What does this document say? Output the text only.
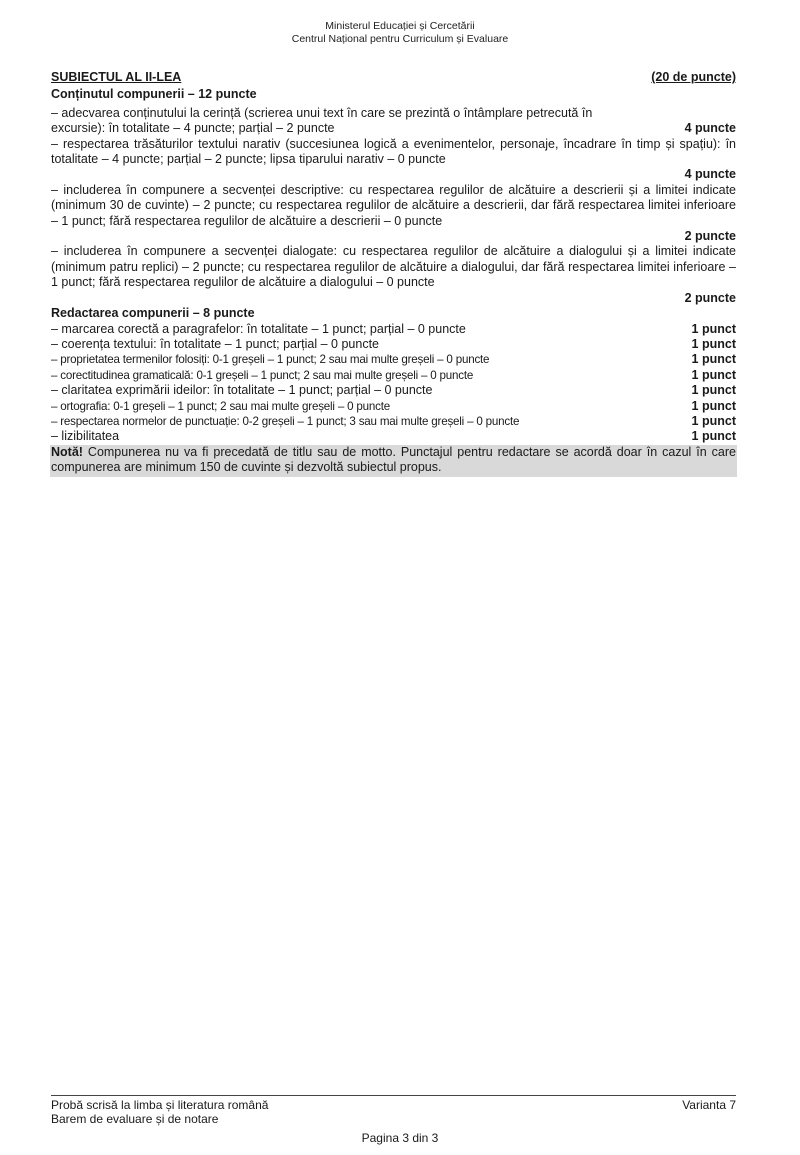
Ministerul Educației și Cercetării
Centrul Național pentru Curriculum și Evaluare
SUBIECTUL AL II-LEA	(20 de puncte)
Conținutul compunerii – 12 puncte
– adecvarea conținutului la cerință (scrierea unui text în care se prezintă o întâmplare petrecută în
excursie): în totalitate – 4 puncte; parțial – 2 puncte	4 puncte
– respectarea trăsăturilor textului narativ (succesiunea logică a evenimentelor, personaje, încadrare în timp și spațiu): în totalitate – 4 puncte; parțial – 2 puncte; lipsa tiparului narativ – 0 puncte
4 puncte
– includerea în compunere a secvenței descriptive: cu respectarea regulilor de alcătuire a descrierii și a limitei indicate (minimum 30 de cuvinte) – 2 puncte; cu respectarea regulilor de alcătuire a descrierii, dar fără respectarea limitei inferioare – 1 punct; fără respectarea regulilor de alcătuire a descrierii – 0 puncte
2 puncte
– includerea în compunere a secvenței dialogate: cu respectarea regulilor de alcătuire a dialogului și a limitei indicate (minimum patru replici) – 2 puncte; cu respectarea regulilor de alcătuire a dialogului, dar fără respectarea limitei inferioare – 1 punct; fără respectarea regulilor de alcătuire a dialogului – 0 puncte
2 puncte
Redactarea compunerii – 8 puncte
– marcarea corectă a paragrafelor: în totalitate – 1 punct; parțial – 0 puncte	1 punct
– coerența textului: în totalitate – 1 punct; parțial – 0 puncte	1 punct
– proprietatea termenilor folosiți: 0-1 greșeli – 1 punct; 2 sau mai multe greșeli – 0 puncte	1 punct
– corectitudinea gramaticală: 0-1 greșeli – 1 punct; 2 sau mai multe greșeli – 0 puncte	1 punct
– claritatea exprimării ideilor: în totalitate – 1 punct; parțial – 0 puncte	1 punct
– ortografia: 0-1 greșeli – 1 punct; 2 sau mai multe greșeli – 0 puncte	1 punct
– respectarea normelor de punctuație: 0-2 greșeli – 1 punct; 3 sau mai multe greșeli – 0 puncte	1 punct
– lizibilitatea	1 punct
Notă! Compunerea nu va fi precedată de titlu sau de motto. Punctajul pentru redactare se acordă doar în cazul în care compunerea are minimum 150 de cuvinte și dezvoltă subiectul propus.
Probă scrisă la limba și literatura română
Barem de evaluare și de notare
Varianta 7
Pagina 3 din 3
